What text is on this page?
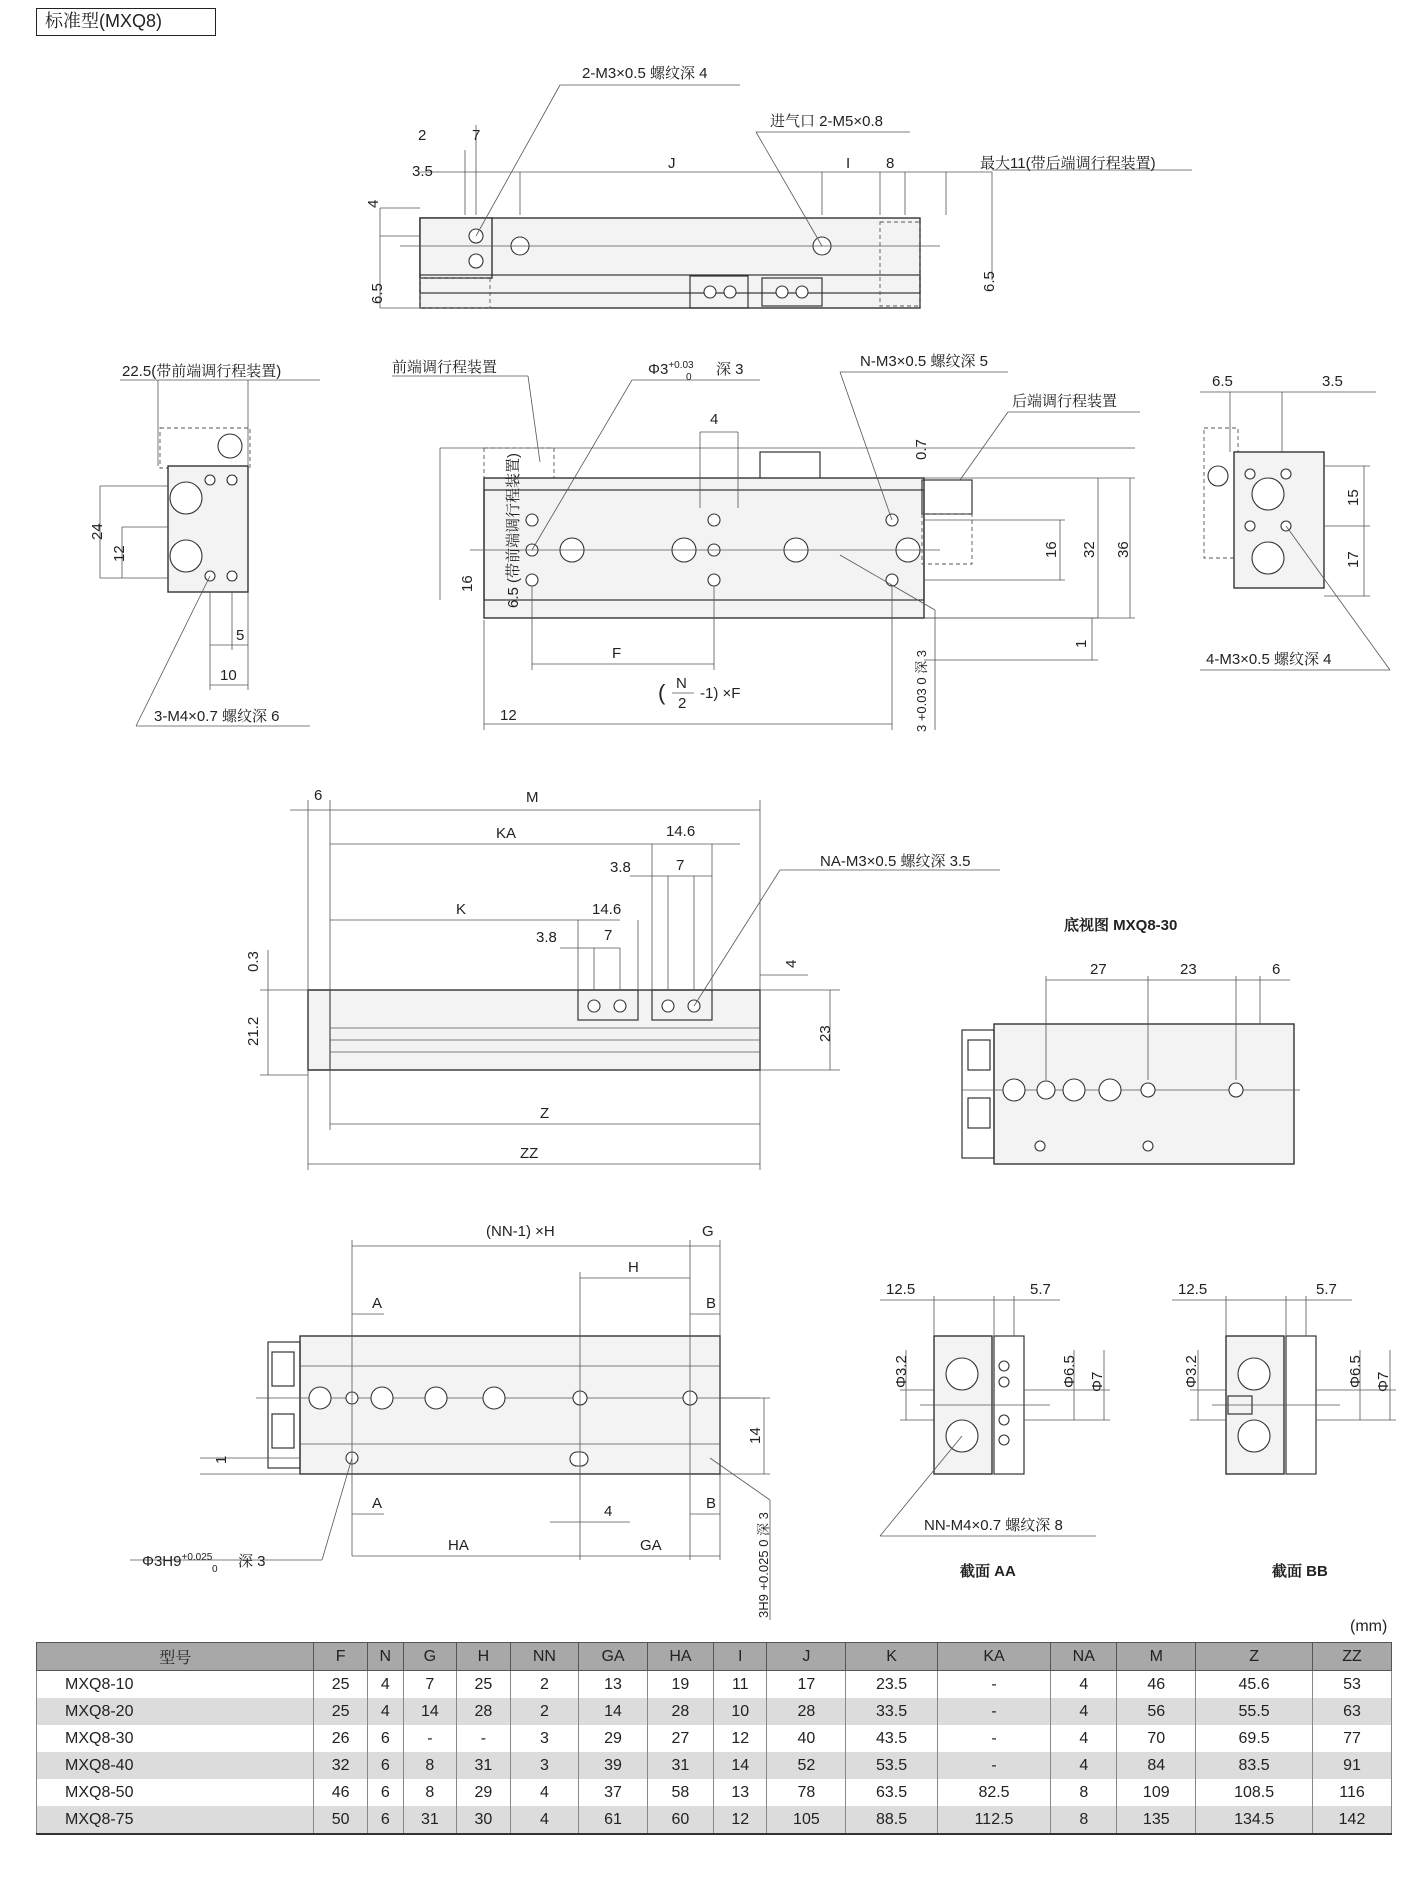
标准型(MXQ8)
2-M3×0.5 螺纹深 4
进气口 2-M5×0.8
最大11(带后端调行程装置)
2	7
3.5	J	I 8
4
6.5
6.5
22.5(带前端调行程装置)
24
12
5
10
3-M4×0.7 螺纹深 6
前端调行程装置	$\Phi 3^{+0.03}$
0 深 3	N-M3×0.5 螺纹深 5
后端调行程装置
4
0.7
16
16 32 36
1
F
12
6.5 (带前端调行程装置)
( N
2
-1) ×F	3 +0.03 0 深 3
6.5	3.5
15
17
4-M3×0.5 螺纹深 4
6	M
KA	14.6
3.8	7
K	14.6
3.8	7
NA-M3×0.5 螺纹深 3.5
0.3
21.2
4
23
Z
ZZ
底视图 MXQ8-30
27	23	6
(NN-1) ×H	G
H
A	B
1
14
A	4	B
HA	GA
$\Phi 3H9^{+0.025}$
0 深 3	3H9 +0.025 0 深 3
12.5	5.7
Φ3.2	Φ6.5 Φ7
NN-M4×0.7 螺纹深 8
截面 AA
12.5	5.7
Φ3.2	Φ6.5 Φ7
截面 BB
(mm)
型号	F	N	G	H	NN	GA	HA	I	J	K	KA	NA	M	Z	ZZ
MXQ8-10	25	4	7	25	2	13	19	11	17	23.5	-	4	46	45.6	53
MXQ8-20	25	4	14	28	2	14	28	10	28	33.5	-	4	56	55.5	63
MXQ8-30	26	6	-	-	3	29	27	12	40	43.5	-	4	70	69.5	77
MXQ8-40	32	6	8	31	3	39	31	14	52	53.5	-	4	84	83.5	91
MXQ8-50	46	6	8	29	4	37	58	13	78	63.5	82.5	8	109	108.5	116
MXQ8-75	50	6	31	30	4	61	60	12	105	88.5	112.5	8	135	134.5	142
